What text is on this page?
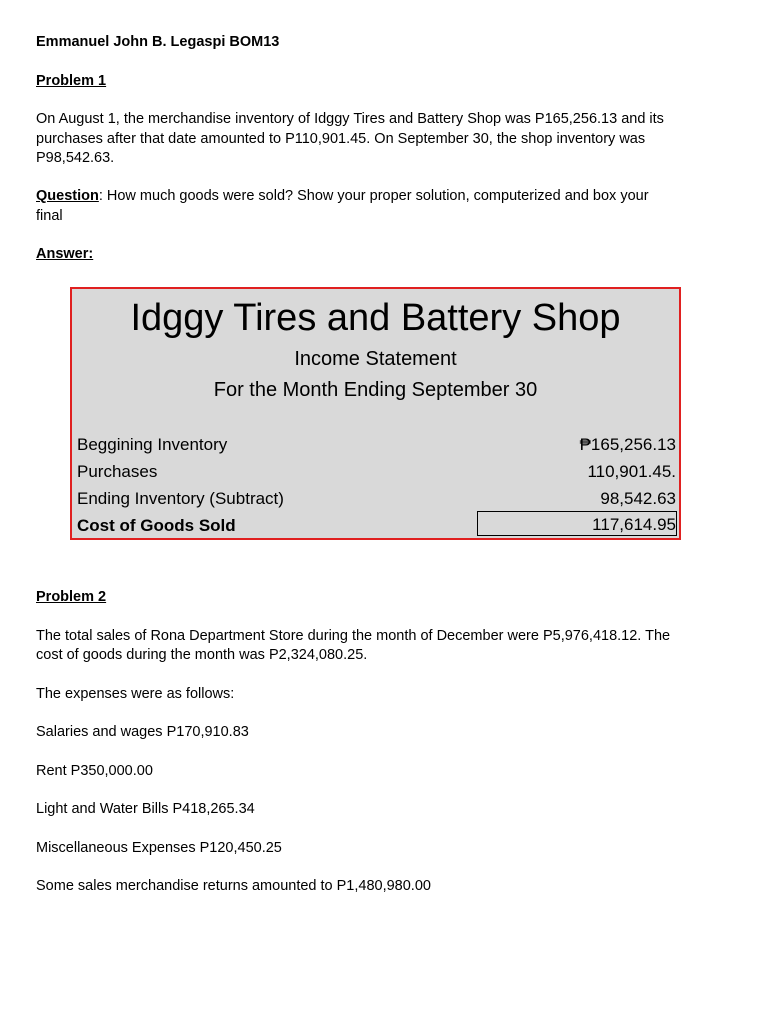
Emmanuel John B. Legaspi BOM13
Problem 1
On August 1, the merchandise inventory of Idggy Tires and Battery Shop was P165,256.13 and its
purchases after that date amounted to P110,901.45. On September 30, the shop inventory was
P98,542.63.
Question: How much goods were sold? Show your proper solution, computerized and box your
final
Answer:
Idggy Tires and Battery Shop
Income Statement
For the Month Ending September 30
Beggining Inventory	₱165,256.13
Purchases	110,901.45.
Ending Inventory (Subtract)	98,542.63
Cost of Goods Sold	117,614.95
Problem 2
The total sales of Rona Department Store during the month of December were P5,976,418.12. The
cost of goods during the month was P2,324,080.25.
The expenses were as follows:
Salaries and wages P170,910.83
Rent P350,000.00
Light and Water Bills P418,265.34
Miscellaneous Expenses P120,450.25
Some sales merchandise returns amounted to P1,480,980.00
